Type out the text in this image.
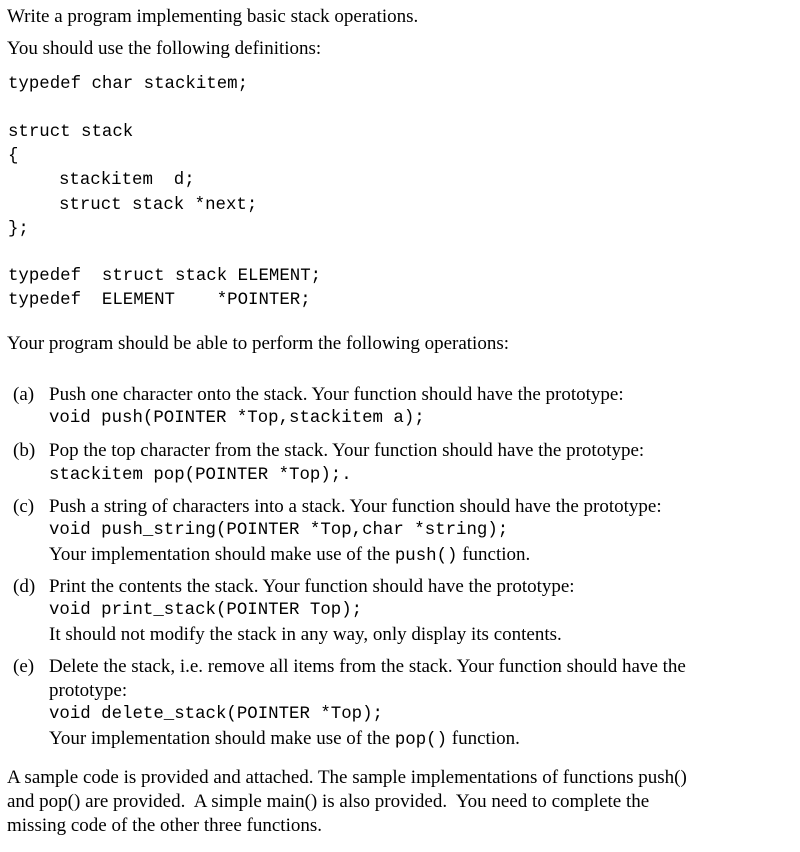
Write a program implementing basic stack operations.
You should use the following definitions:
typedef char stackitem;
struct stack
{
stackitem  d;
struct stack *next;
};
typedef  struct stack ELEMENT;
typedef  ELEMENT    *POINTER;
Your program should be able to perform the following operations:
(a) Push one character onto the stack. Your function should have the prototype:
void push(POINTER *Top,stackitem a);
(b) Pop the top character from the stack. Your function should have the prototype:
stackitem pop(POINTER *Top);.
(c) Push a string of characters into a stack. Your function should have the prototype:
void push_string(POINTER *Top,char *string);
Your implementation should make use of the push() function.
(d) Print the contents the stack. Your function should have the prototype:
void print_stack(POINTER Top);
It should not modify the stack in any way, only display its contents.
(e) Delete the stack, i.e. remove all items from the stack. Your function should have the
prototype:
void delete_stack(POINTER *Top);
Your implementation should make use of the pop() function.
A sample code is provided and attached. The sample implementations of functions push()
and pop() are provided.  A simple main() is also provided.  You need to complete the
missing code of the other three functions.
